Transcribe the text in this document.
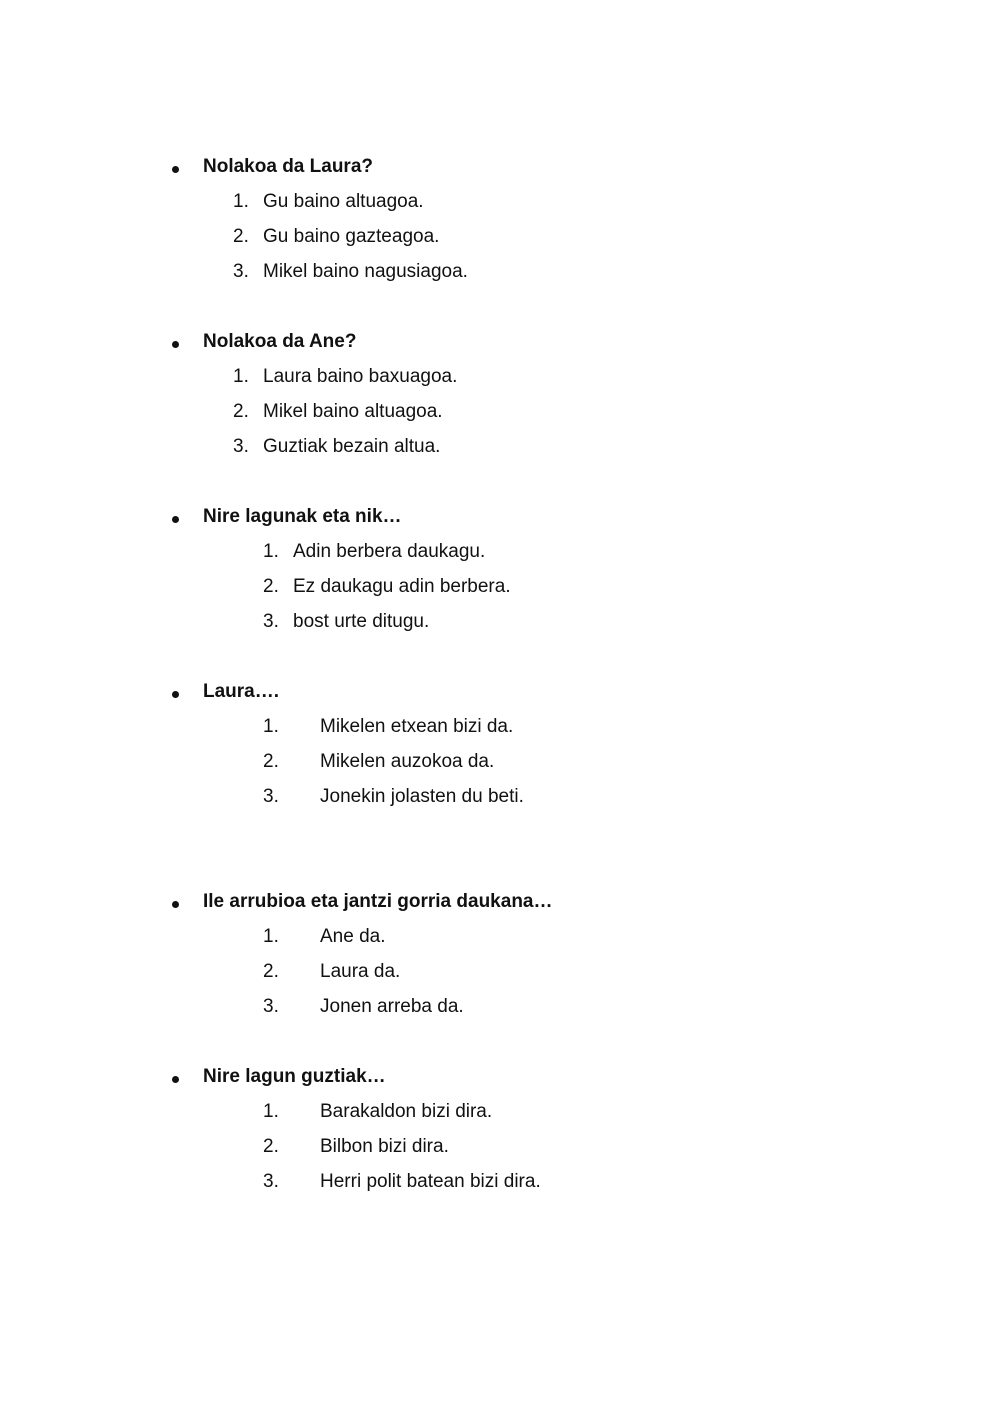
Nolakoa da Laura?
1. Gu baino altuagoa.
2. Gu baino gazteagoa.
3. Mikel baino nagusiagoa.
Nolakoa da Ane?
1. Laura baino baxuagoa.
2. Mikel baino altuagoa.
3. Guztiak bezain altua.
Nire lagunak eta nik…
1. Adin berbera daukagu.
2. Ez daukagu adin berbera.
3. bost urte ditugu.
Laura….
1. Mikelen etxean bizi da.
2. Mikelen auzokoa da.
3. Jonekin jolasten du beti.
Ile arrubioa eta jantzi gorria daukana…
1. Ane da.
2. Laura da.
3. Jonen arreba da.
Nire lagun guztiak…
1. Barakaldon bizi dira.
2. Bilbon bizi dira.
3. Herri polit batean bizi dira.
